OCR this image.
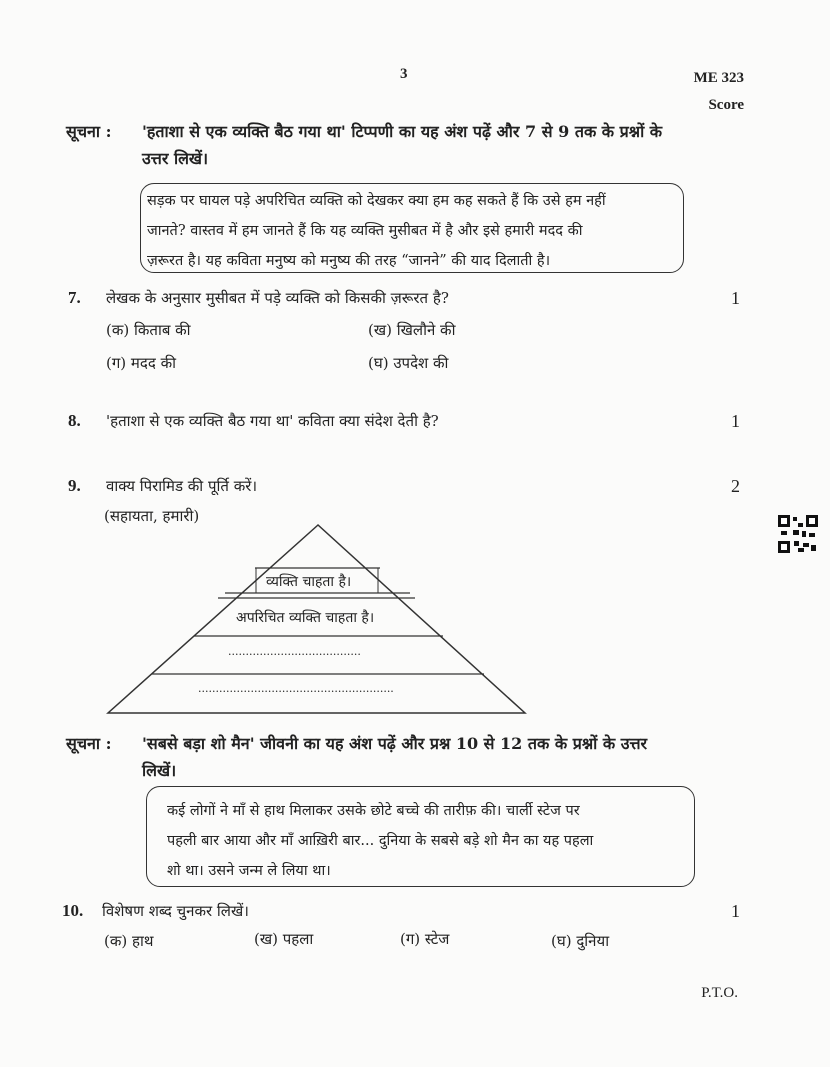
3	ME 323
Score
सूचना : 'हताशा से एक व्यक्ति बैठ गया था' टिप्पणी का यह अंश पढ़ें और 7 से 9 तक के प्रश्नों के
उत्तर लिखें।

सड़क पर घायल पड़े अपरिचित व्यक्ति को देखकर क्या हम कह सकते हैं कि उसे हम नहीं

जानते? वास्तव में हम जानते हैं कि यह व्यक्ति मुसीबत में है और इसे हमारी मदद की

ज़रूरत है। यह कविता मनुष्य को मनुष्य की तरह “जानने” की याद दिलाती है।

7. लेखक के अनुसार मुसीबत में पड़े व्यक्ति को किसकी ज़रूरत है?	1
(क) किताब की	(ख) खिलौने की
(ग) मदद की	(घ) उपदेश की
8. 'हताशा से एक व्यक्ति बैठ गया था' कविता क्या संदेश देती है?	1
9. वाक्य पिरामिड की पूर्ति करें।	2
(सहायता, हमारी)
व्यक्ति चाहता है।
अपरिचित व्यक्ति चाहता है।
......................................
........................................................
सूचना : 'सबसे बड़ा शो मैन' जीवनी का यह अंश पढ़ें और प्रश्न 10 से 12 तक के प्रश्नों के उत्तर
लिखें।

कई लोगों ने माँ से हाथ मिलाकर उसके छोटे बच्चे की तारीफ़ की। चार्ली स्टेज पर

पहली बार आया और माँ आख़िरी बार... दुनिया के सबसे बड़े शो मैन का यह पहला

शो था। उसने जन्म ले लिया था।

10. विशेषण शब्द चुनकर लिखें।	1
(क) हाथ	(ख) पहला	(ग) स्टेज	(घ) दुनिया
P.T.O.
